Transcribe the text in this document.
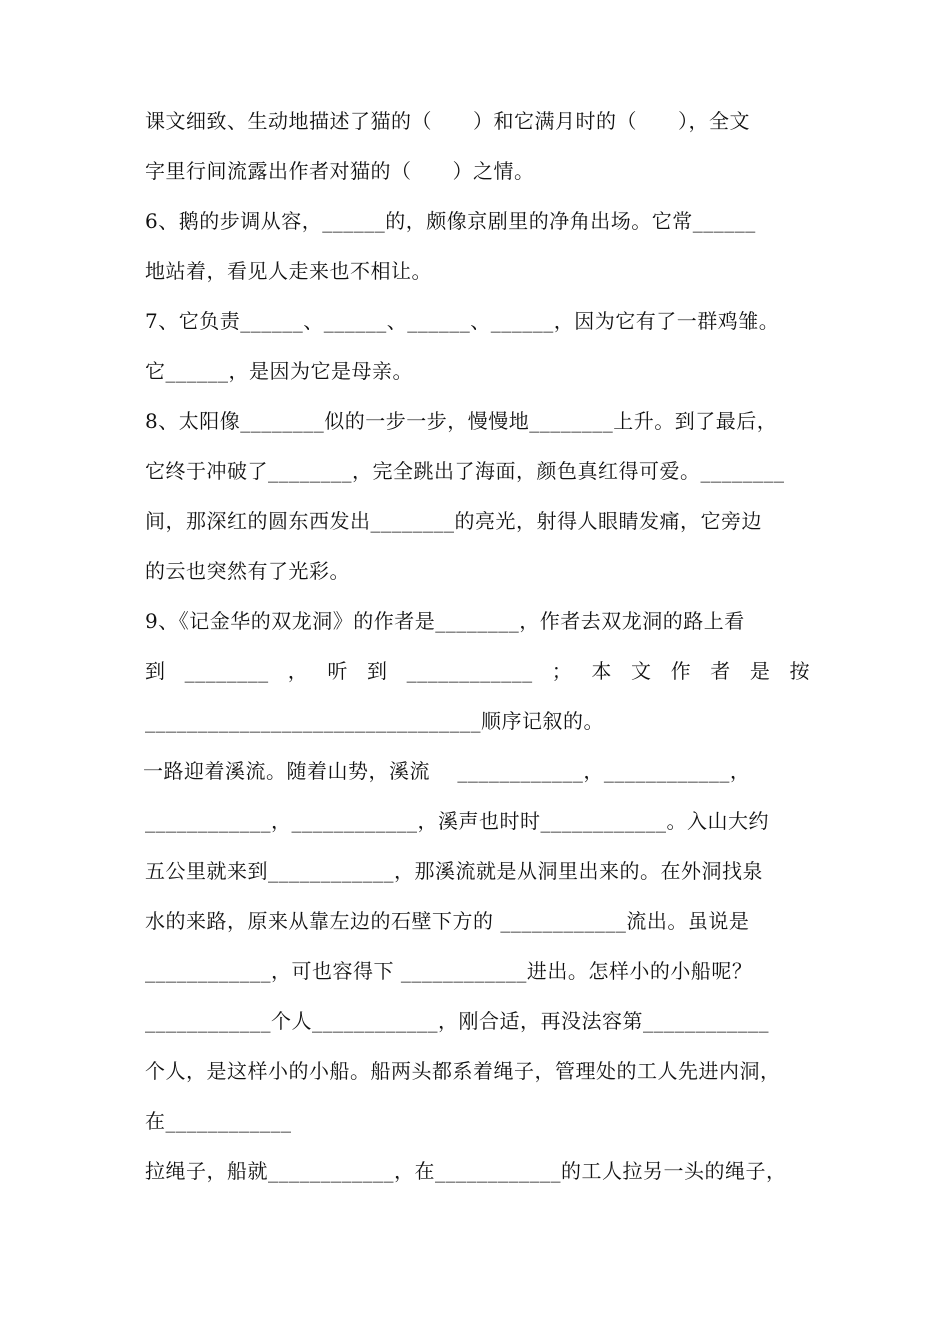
课文细致、生动地描述了猫的（　　）和它满月时的（　　），全文
字里行间流露出作者对猫的（　　）之情。
6、鹅的步调从容，______的，颇像京剧里的净角出场。它常______
地站着，看见人走来也不相让。
7、它负责______、______、______、______，因为它有了一群鸡雏。
它______，是因为它是母亲。
8、太阳像________似的一步一步，慢慢地________上升。到了最后，
它终于冲破了________，完全跳出了海面，颜色真红得可爱。________
间，那深红的圆东西发出________的亮光，射得人眼睛发痛，它旁边
的云也突然有了光彩。
9、《记金华的双龙洞》的作者是________，作者去双龙洞的路上看
到 ________ ， 听 到 ____________ ； 本 文 作 者 是 按
________________________________顺序记叙的。
一路迎着溪流。随着山势，溪流　 ____________，____________，
____________，____________，溪声也时时____________。入山大约
五公里就来到____________，那溪流就是从洞里出来的。在外洞找泉
水的来路，原来从靠左边的石壁下方的 ____________流出。虽说是
____________，可也容得下 ____________进出。怎样小的小船呢？
____________个人____________，刚合适，再没法容第____________
个人，是这样小的小船。船两头都系着绳子，管理处的工人先进内洞，
在____________
拉绳子，船就____________，在____________的工人拉另一头的绳子，
